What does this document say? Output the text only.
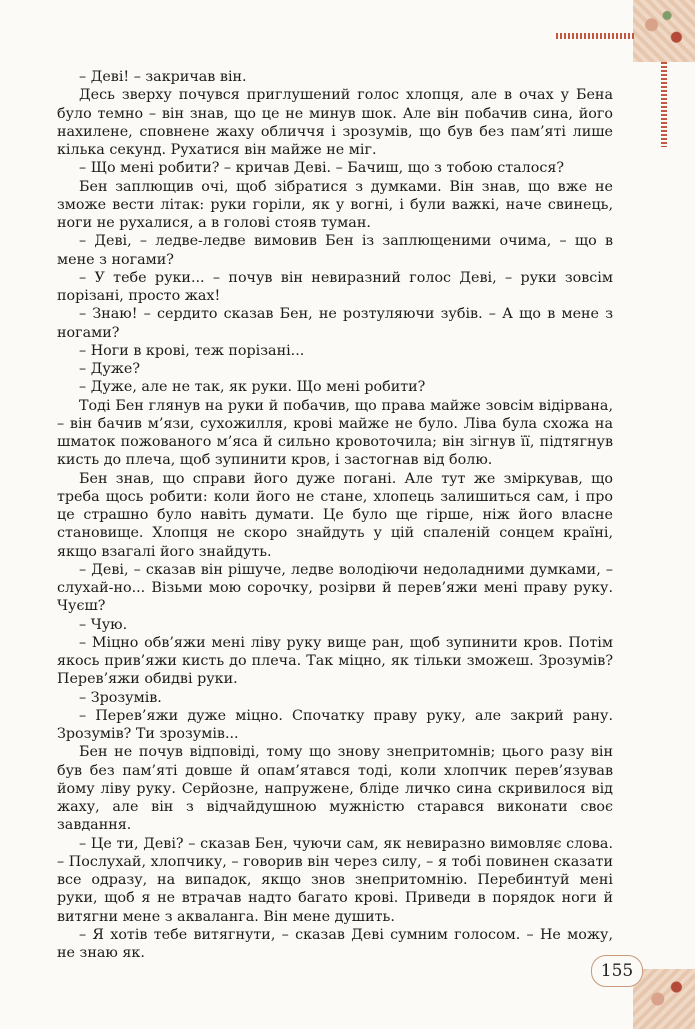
– Деві! – закричав він.

Десь зверху почувся приглушений голос хлопця, але в очах у Бена було темно – він знав, що це не минув шок. Але він побачив сина, його нахилене, сповнене жаху обличчя і зрозумів, що був без пам’яті лише кілька секунд. Рухатися він майже не міг.

– Що мені робити? – кричав Деві. – Бачиш, що з тобою сталося?

Бен заплющив очі, щоб зібратися з думками. Він знав, що вже не зможе вести літак: руки горіли, як у вогні, і були важкі, наче свинець, ноги не рухалися, а в голові стояв туман.

– Деві, – ледве-ледве вимовив Бен із заплющеними очима, – що в мене з ногами?

– У тебе руки... – почув він невиразний голос Деві, – руки зовсім порізані, просто жах!

– Знаю! – сердито сказав Бен, не розтуляючи зубів. – А що в мене з ногами?

– Ноги в крові, теж порізані...

– Дуже?

– Дуже, але не так, як руки. Що мені робити?

Тоді Бен глянув на руки й побачив, що права майже зовсім відірвана, – він бачив м’язи, сухожилля, крові майже не було. Ліва була схожа на шматок пожованого м’яса й сильно кровоточила; він зігнув її, підтягнув кисть до плеча, щоб зупинити кров, і застогнав від болю.

Бен знав, що справи його дуже погані. Але тут же зміркував, що треба щось робити: коли його не стане, хлопець залишиться сам, і про це страшно було навіть думати. Це було ще гірше, ніж його власне становище. Хлопця не скоро знайдуть у цій спаленій сонцем країні, якщо взагалі його знайдуть.

– Деві, – сказав він рішуче, ледве володіючи недоладними думками, – слухай-но... Візьми мою сорочку, розірви й перев’яжи мені праву руку. Чуєш?

– Чую.

– Міцно обв’яжи мені ліву руку вище ран, щоб зупинити кров. Потім якось прив’яжи кисть до плеча. Так міцно, як тільки зможеш. Зрозумів? Перев’яжи обидві руки.

– Зрозумів.

– Перев’яжи дуже міцно. Спочатку праву руку, але закрий рану. Зрозумів? Ти зрозумів...

Бен не почув відповіді, тому що знову знепритомнів; цього разу він був без пам’яті довше й опам’ятався тоді, коли хлопчик перев’язував йому ліву руку. Серйозне, напружене, бліде личко сина скривилося від жаху, але він з відчайдушною мужністю старався виконати своє завдання.

– Це ти, Деві? – сказав Бен, чуючи сам, як невиразно вимовляє слова. – Послухай, хлопчику, – говорив він через силу, – я тобі повинен сказати все одразу, на випадок, якщо знов знепритомнію. Перебинтуй мені руки, щоб я не втрачав надто багато крові. Приведи в порядок ноги й витягни мене з акваланга. Він мене душить.

– Я хотів тебе витягнути, – сказав Деві сумним голосом. – Не можу, не знаю як.

155
